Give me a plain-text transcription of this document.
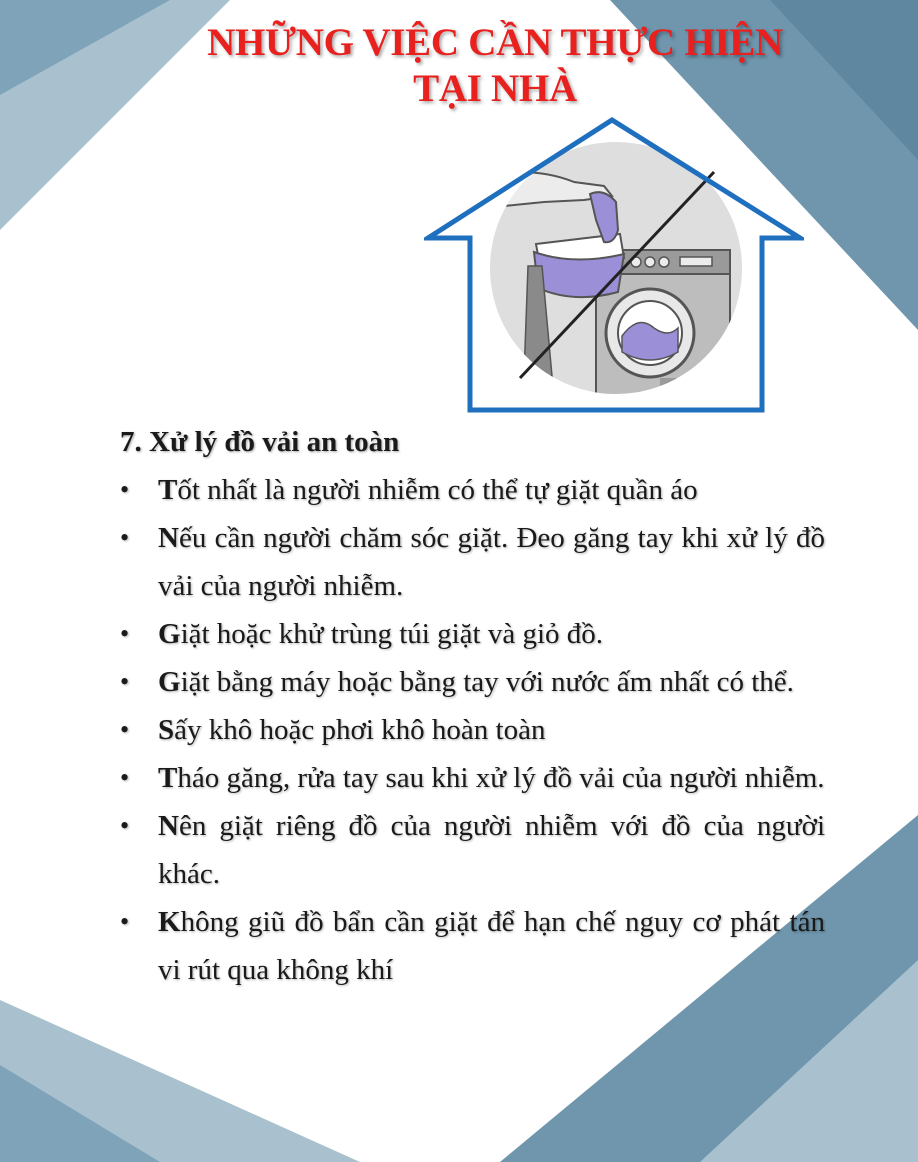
NHỮNG VIỆC CẦN THỰC HIỆN
TẠI NHÀ
7. Xử lý đồ vải an toàn
• Tốt nhất là người nhiễm có thể tự giặt quần áo
• Nếu cần người chăm sóc giặt. Đeo găng tay khi xử lý đồ vải của người nhiễm.
• Giặt hoặc khử trùng túi giặt và giỏ đồ.
• Giặt bằng máy hoặc bằng tay với nước ấm nhất có thể.
• Sấy khô hoặc phơi khô hoàn toàn
• Tháo găng, rửa tay sau khi xử lý đồ vải của người nhiễm.
• Nên giặt riêng đồ của người nhiễm với đồ của người khác.
• Không giũ đồ bẩn cần giặt để hạn chế nguy cơ phát tán vi rút qua không khí
